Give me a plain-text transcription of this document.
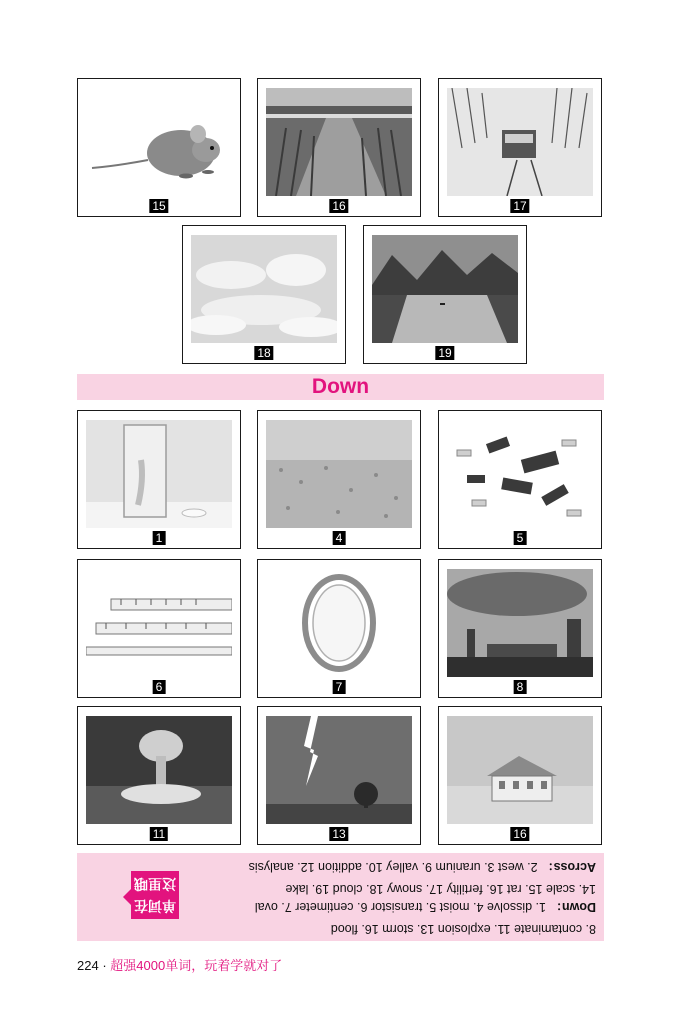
15	16	17
18	19
Down
1	4	5
6	7	8
11	13	16
8. contaminate 11. explosion 13. storm 16. flood
Down： 1. dissolve 4. moist 5. transistor 6. centimeter 7. oval
14. scale 15. rat 16. fertility 17. snowy 18. cloud 19. lake
Across： 2. west 3. uranium 9. valley 10. addition 12. analysis
单词在
这里哦
224 · 超强4000单词，玩着学就对了
